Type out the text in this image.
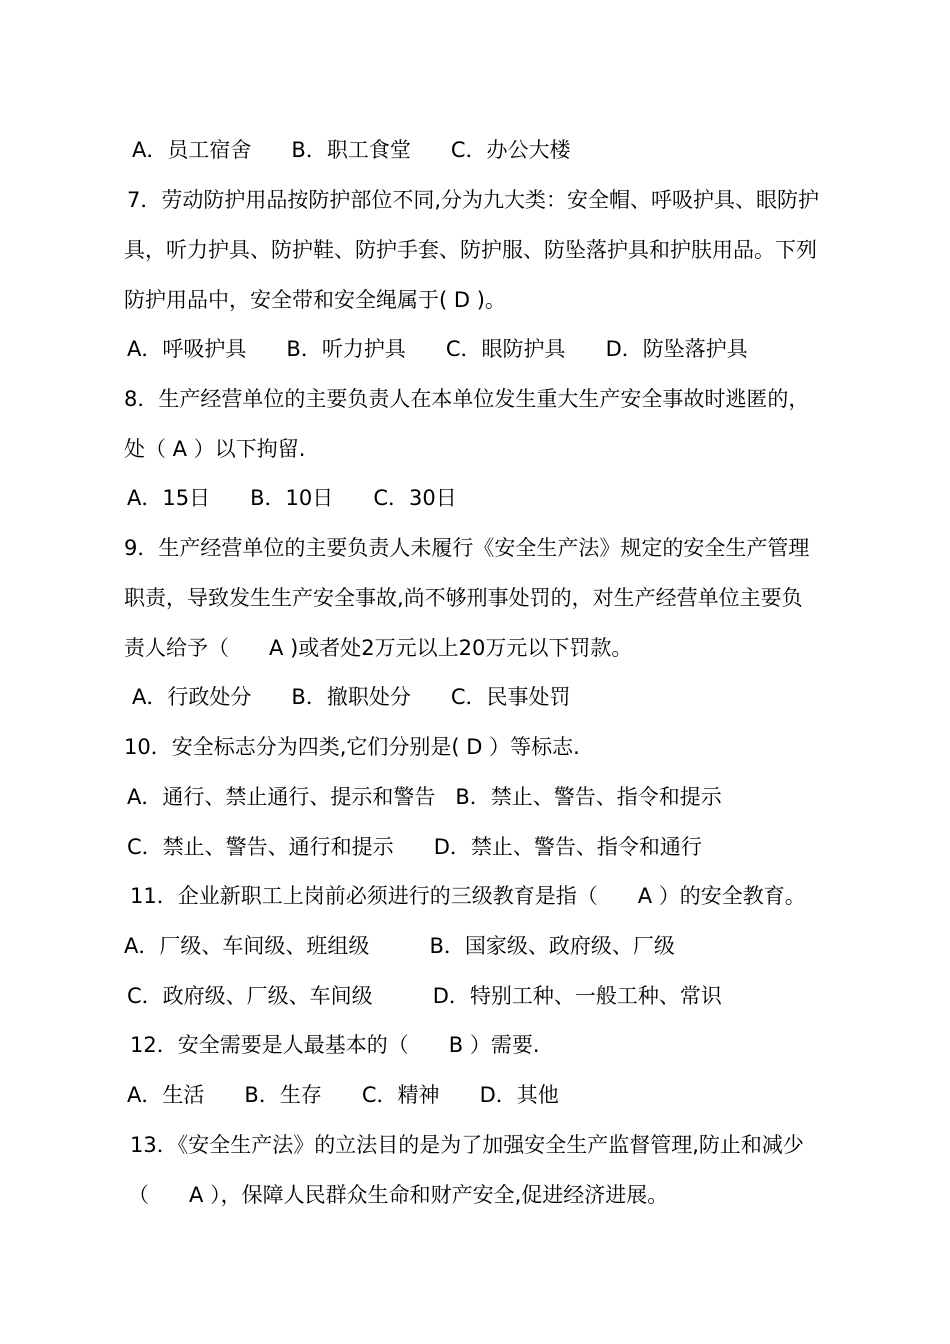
A．员工宿舍      B．职工食堂      C．办公大楼
7．劳动防护用品按防护部位不同,分为九大类：安全帽、呼吸护具、眼防护
具，听力护具、防护鞋、防护手套、防护服、防坠落护具和护肤用品。下列
防护用品中，安全带和安全绳属于( D )。
A．呼吸护具      B．听力护具      C．眼防护具      D．防坠落护具
8．生产经营单位的主要负责人在本单位发生重大生产安全事故时逃匿的，
处（ A ）以下拘留.
A．15日      B．10日      C．30日
9．生产经营单位的主要负责人未履行《安全生产法》规定的安全生产管理
职责，导致发生生产安全事故,尚不够刑事处罚的，对生产经营单位主要负
责人给予（      A )或者处2万元以上20万元以下罚款。
A．行政处分      B．撤职处分      C．民事处罚
10．安全标志分为四类,它们分别是( D ）等标志.
A．通行、禁止通行、提示和警告   B．禁止、警告、指令和提示
C．禁止、警告、通行和提示      D．禁止、警告、指令和通行
11．企业新职工上岗前必须进行的三级教育是指（      A ）的安全教育。
A．厂级、车间级、班组级         B．国家级、政府级、厂级
C．政府级、厂级、车间级         D．特别工种、一般工种、常识
12．安全需要是人最基本的（      B ）需要.
A．生活      B．生存      C．精神      D．其他
13．《安全生产法》的立法目的是为了加强安全生产监督管理,防止和减少
（      A ），保障人民群众生命和财产安全,促进经济进展。
